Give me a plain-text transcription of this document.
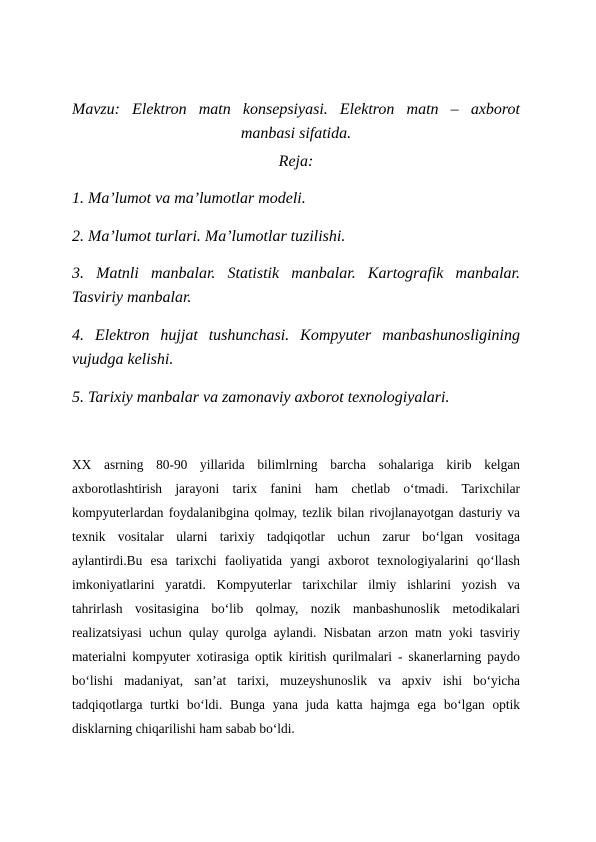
Mavzu: Elektron matn konsepsiyasi. Elektron matn – axborot manbasi sifatida.
Reja:
1. Ma’lumot va ma’lumotlar modeli.
2. Ma’lumot turlari. Ma’lumotlar tuzilishi.
3. Matnli manbalar. Statistik manbalar. Kartografik manbalar. Tasviriy manbalar.
4. Elektron hujjat tushunchasi. Kompyuter manbashunosligining vujudga kelishi.
5. Tarixiy manbalar va zamonaviy axborot texnologiyalari.
XX asrning 80-90 yillarida bilimlrning barcha sohalariga kirib kelgan axborotlashtirish jarayoni tarix fanini ham chetlab o‘tmadi. Tarixchilar kompyuterlardan foydalanibgina qolmay, tezlik bilan rivojlanayotgan dasturiy va texnik vositalar ularni tarixiy tadqiqotlar uchun zarur bo‘lgan vositaga aylantirdi.Bu esa tarixchi faoliyatida yangi axborot texnologiyalarini qo‘llash imkoniyatlarini yaratdi. Kompyuterlar tarixchilar ilmiy ishlarini yozish va tahrirlash vositasigina bo‘lib qolmay, nozik manbashunoslik metodikalari realizatsiyasi uchun qulay qurolga aylandi. Nisbatan arzon matn yoki tasviriy materialni kompyuter xotirasiga optik kiritish qurilmalari - skanerlarning paydo bo‘lishi madaniyat, san’at tarixi, muzeyshunoslik va apxiv ishi bo‘yicha tadqiqotlarga turtki bo‘ldi. Bunga yana juda katta hajmga ega bo‘lgan optik disklarning chiqarilishi ham sabab bo‘ldi.
